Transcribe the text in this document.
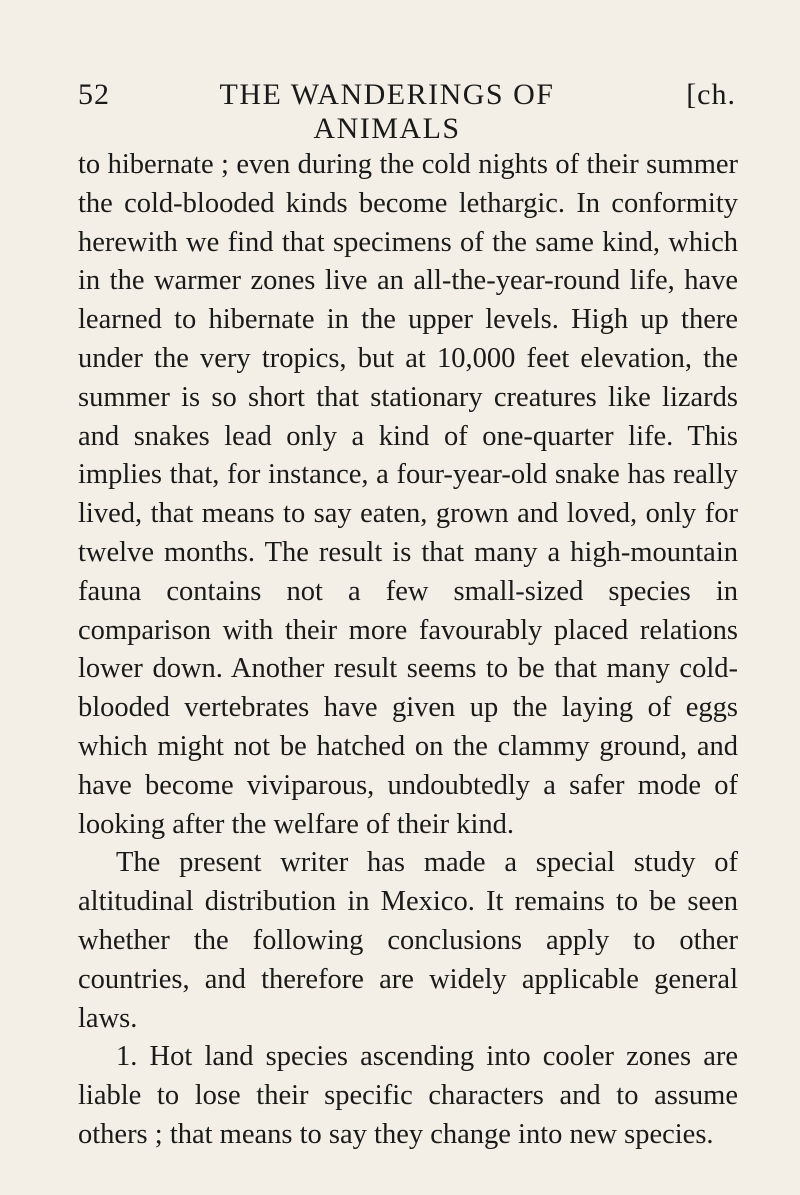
52	THE WANDERINGS OF ANIMALS
[ch.

to hibernate ; even during the cold nights of their summer the cold-blooded kinds become lethargic. In conformity herewith we find that specimens of the same kind, which in the warmer zones live an all-the-year-round life, have learned to hibernate in the upper levels. High up there under the very tropics, but at 10,000 feet elevation, the summer is so short that stationary creatures like lizards and snakes lead only a kind of one-quarter life. This implies that, for instance, a four-year-old snake has really lived, that means to say eaten, grown and loved, only for twelve months. The result is that many a high-mountain fauna contains not a few small-sized species in comparison with their more favourably placed relations lower down. Another result seems to be that many cold-blooded vertebrates have given up the laying of eggs which might not be hatched on the clammy ground, and have become viviparous, undoubtedly a safer mode of looking after the welfare of their kind.

The present writer has made a special study of altitudinal distribution in Mexico. It remains to be seen whether the following conclusions apply to other countries, and therefore are widely applicable general laws.

1. Hot land species ascending into cooler zones are liable to lose their specific characters and to assume others ; that means to say they change into new species.
